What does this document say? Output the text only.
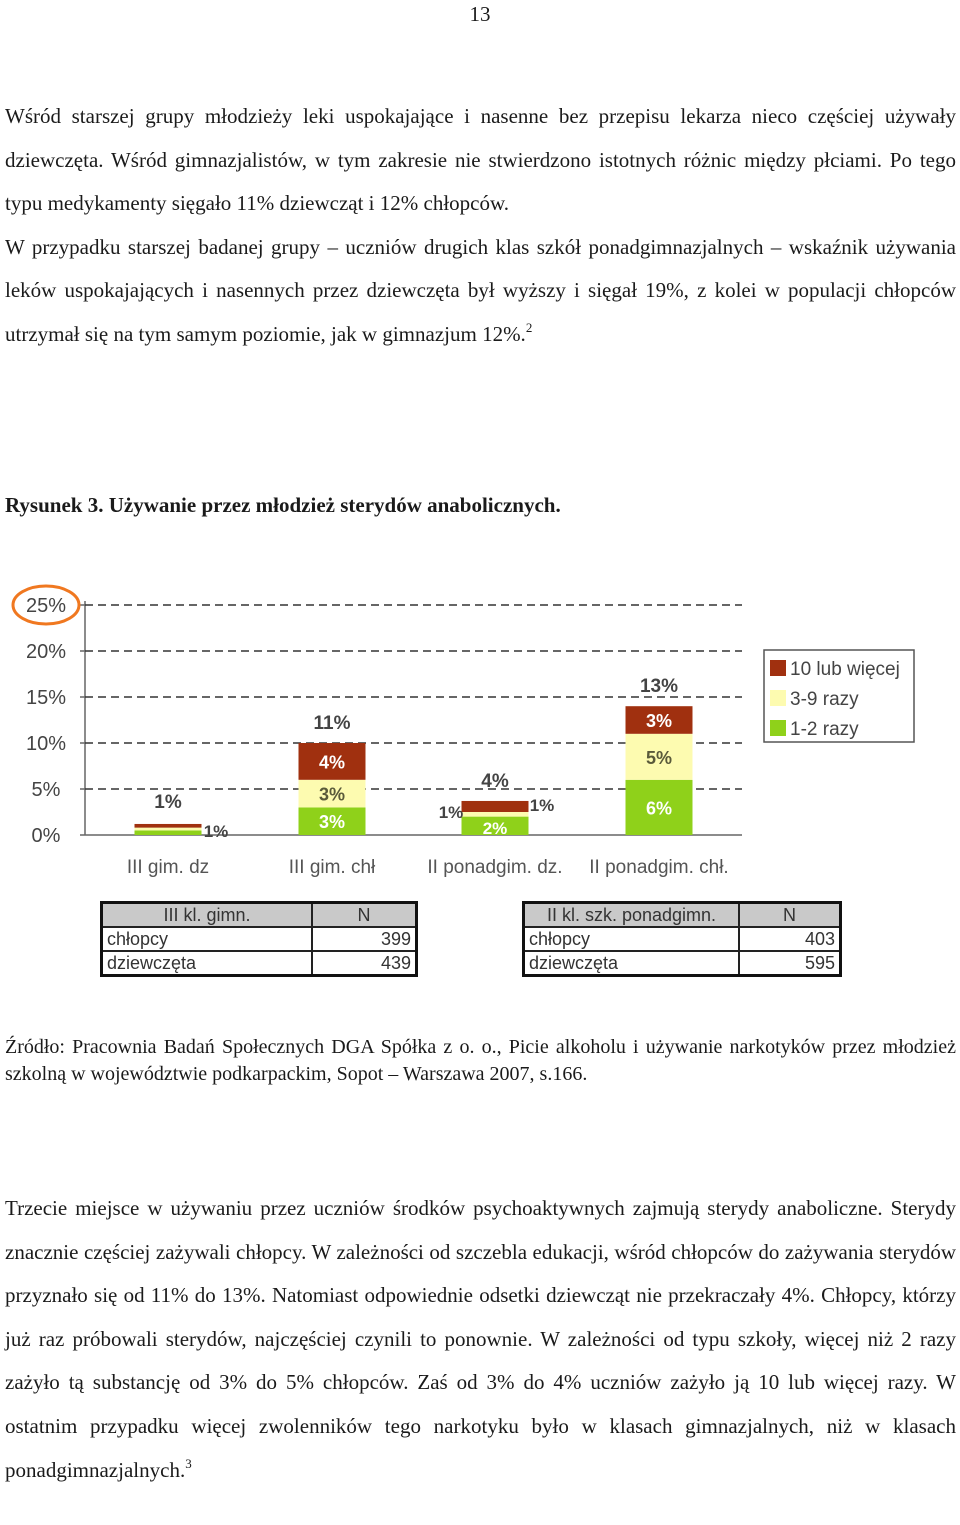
13

Wśród starszej grupy młodzieży leki uspokajające i nasenne bez przepisu lekarza nieco częściej używały dziewczęta. Wśród gimnazjalistów, w tym zakresie nie stwierdzono istotnych różnic między płciami. Po tego typu medykamenty sięgało 11% dziewcząt i 12% chłopców.
W przypadku starszej badanej grupy – uczniów drugich klas szkół ponadgimnazjalnych – wskaźnik używania leków uspokajających i nasennych przez dziewczęta był wyższy i sięgał 19%, z kolei w populacji chłopców utrzymał się na tym samym poziomie, jak w gimnazjum 12%.$^2$

Rysunek 3. Używanie przez młodzież sterydów anabolicznych.
0%
5%
10%
15%
20%
25%
III gim. dz	III gim. chł
11%
II ponadgim. dz.
4%
II ponadgim. chł.
13%
3%
3%
4%
6%
5%
3%
1%
1%
1%	1%
2%
10 lub więcej
3-9 razy
1-2 razy
III kl. gimn.	N
chłopcy	399
dziewczęta	439
II kl. szk. ponadgimn.	N
chłopcy	403
dziewczęta	595

Źródło: Pracownia Badań Społecznych DGA Spółka z o. o., Picie alkoholu i używanie narkotyków przez młodzież szkolną w województwie podkarpackim, Sopot – Warszawa 2007, s.166.

Trzecie miejsce w używaniu przez uczniów środków psychoaktywnych zajmują sterydy anaboliczne. Sterydy znacznie częściej zażywali chłopcy. W zależności od szczebla edukacji, wśród chłopców do zażywania sterydów przyznało się od 11% do 13%. Natomiast odpowiednie odsetki dziewcząt nie przekraczały 4%. Chłopcy, którzy już raz próbowali sterydów, najczęściej czynili to ponownie. W zależności od typu szkoły, więcej niż 2 razy zażyło tą substancję od 3% do 5% chłopców. Zaś od 3% do 4% uczniów zażyło ją 10 lub więcej razy. W ostatnim przypadku więcej zwolenników tego narkotyku było w klasach gimnazjalnych, niż w klasach ponadgimnazjalnych.$^3$
